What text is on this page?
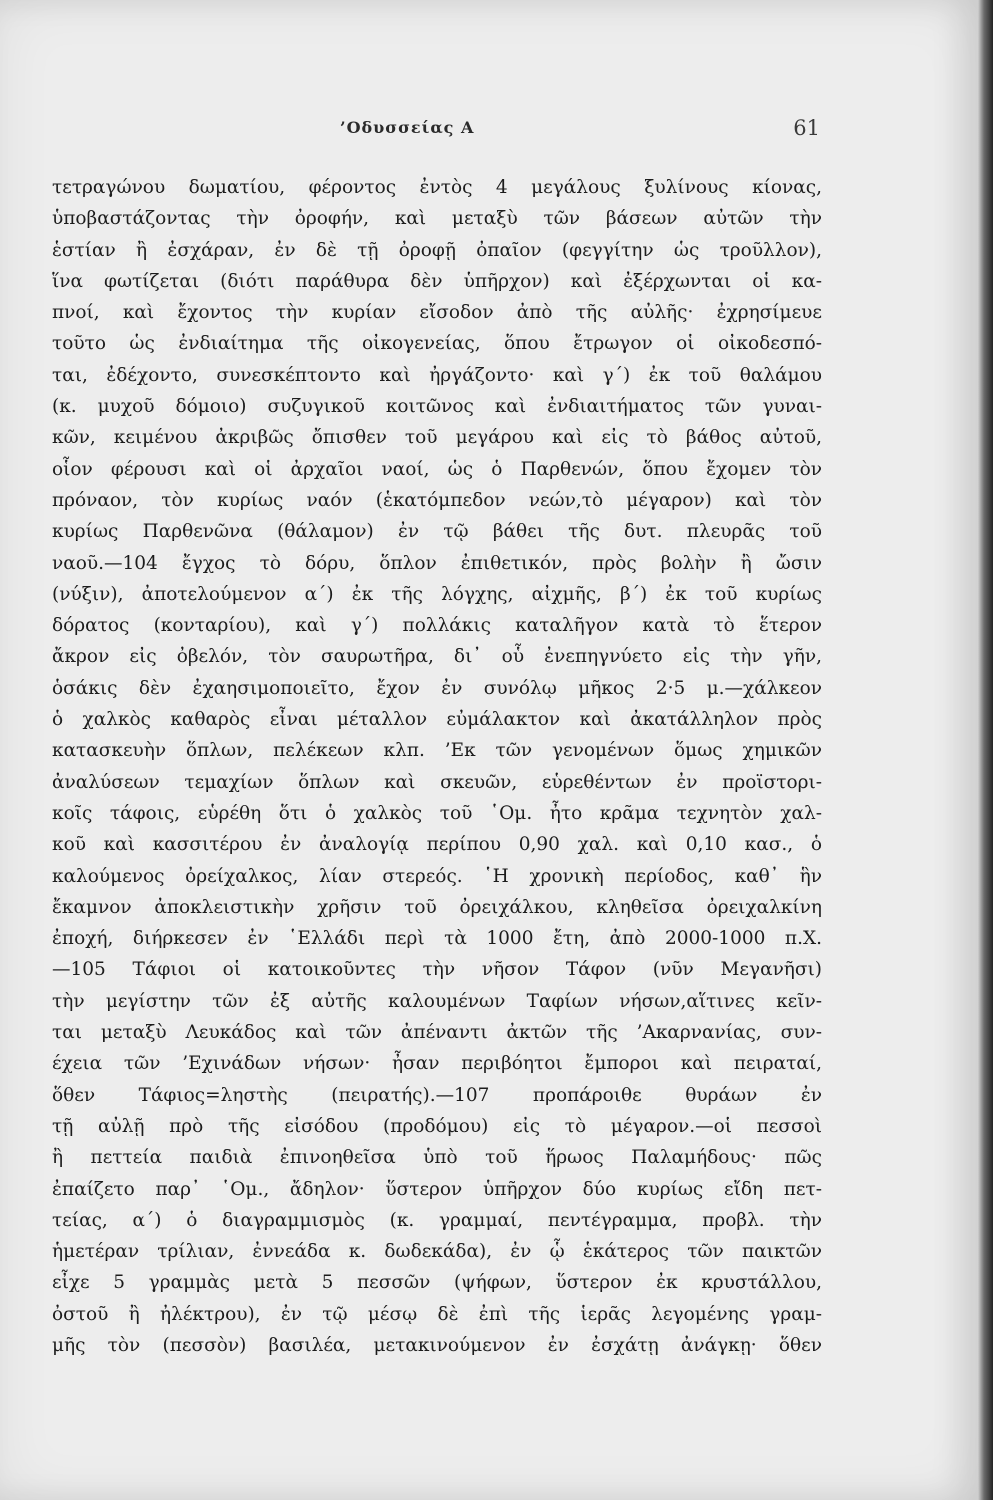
’Οδυσσείας Α	61
τετραγώνου δωματίου, φέροντος ἐντὸς 4 μεγάλους ξυλίνους κίονας,
ὑποβαστάζοντας τὴν ὀροφήν, καὶ μεταξὺ τῶν βάσεων αὐτῶν τὴν
ἑστίαν ἢ ἐσχάραν, ἐν δὲ τῇ ὀροφῇ ὀπαῖον (φεγγίτην ὡς τροῦλλον),
ἵνα φωτίζεται (διότι παράθυρα δὲν ὑπῆρχον) καὶ ἐξέρχωνται οἱ κα-
πνοί, καὶ ἔχοντος τὴν κυρίαν εἴσοδον ἀπὸ τῆς αὐλῆς· ἐχρησίμευε
τοῦτο ὡς ἐνδιαίτημα τῆς οἰκογενείας, ὅπου ἔτρωγον οἱ οἰκοδεσπό-
ται, ἐδέχοντο, συνεσκέπτοντο καὶ ἠργάζοντο· καὶ γ΄) ἐκ τοῦ θαλάμου
(κ. μυχοῦ δόμοιο) συζυγικοῦ κοιτῶνος καὶ ἐνδιαιτήματος τῶν γυναι-
κῶν, κειμένου ἀκριβῶς ὄπισθεν τοῦ μεγάρου καὶ εἰς τὸ βάθος αὐτοῦ,
οἷον φέρουσι καὶ οἱ ἀρχαῖοι ναοί, ὡς ὁ Παρθενών, ὅπου ἔχομεν τὸν
πρόναον, τὸν κυρίως ναόν (ἑκατόμπεδον νεών,τὸ μέγαρον) καὶ τὸν
κυρίως Παρθενῶνα (θάλαμον) ἐν τῷ βάθει τῆς δυτ. πλευρᾶς τοῦ
ναοῦ.—104 ἔγχος τὸ δόρυ, ὅπλον ἐπιθετικόν, πρὸς βολὴν ἢ ὤσιν
(νύξιν), ἀποτελούμενον α΄) ἐκ τῆς λόγχης, αἰχμῆς, β΄) ἐκ τοῦ κυρίως
δόρατος (κονταρίου), καὶ γ΄) πολλάκις καταλῆγον κατὰ τὸ ἕτερον
ἄκρον εἰς ὀβελόν, τὸν σαυρωτῆρα, δι᾿ οὗ ἐνεπηγνύετο εἰς τὴν γῆν,
ὁσάκις δὲν ἐχαησιμοποιεῖτο, ἔχον ἐν συνόλῳ μῆκος 2·5 μ.—χάλκεον
ὁ χαλκὸς καθαρὸς εἶναι μέταλλον εὐμάλακτον καὶ ἀκατάλληλον πρὸς
κατασκευὴν ὅπλων, πελέκεων κλπ. ’Εκ τῶν γενομένων ὅμως χημικῶν
ἀναλύσεων τεμαχίων ὅπλων καὶ σκευῶν, εὑρεθέντων ἐν προϊστορι-
κοῖς τάφοις, εὑρέθη ὅτι ὁ χαλκὸς τοῦ ῾Ομ. ἦτο κρᾶμα τεχνητὸν χαλ-
κοῦ καὶ κασσιτέρου ἐν ἀναλογίᾳ περίπου 0,90 χαλ. καὶ 0,10 κασ., ὁ
καλούμενος ὀρείχαλκος, λίαν στερεός. ῾Η χρονικὴ περίοδος, καθ᾿ ἣν
ἔκαμνον ἀποκλειστικὴν χρῆσιν τοῦ ὀρειχάλκου, κληθεῖσα ὀρειχαλκίνη
ἐποχή, διήρκεσεν ἐν ῾Ελλάδι περὶ τὰ 1000 ἔτη, ἀπὸ 2000-1000 π.Χ.
—105 Τάφιοι οἱ κατοικοῦντες τὴν νῆσον Τάφον (νῦν Μεγανῆσι)
τὴν μεγίστην τῶν ἐξ αὐτῆς καλουμένων Ταφίων νήσων,αἵτινες κεῖν-
ται μεταξὺ Λευκάδος καὶ τῶν ἀπέναντι ἀκτῶν τῆς ’Ακαρνανίας, συν-
έχεια τῶν ’Εχινάδων νήσων· ἦσαν περιβόητοι ἔμποροι καὶ πειραταί,
ὅθεν Τάφιος=ληστὴς (πειρατής).—107 προπάροιθε θυράων ἐν
τῇ αὐλῇ πρὸ τῆς εἰσόδου (προδόμου) εἰς τὸ μέγαρον.—οἱ πεσσοὶ
ἢ πεττεία παιδιὰ ἐπινοηθεῖσα ὑπὸ τοῦ ἥρωος Παλαμήδους· πῶς
ἐπαίζετο παρ᾿ ῾Ομ., ἄδηλον· ὕστερον ὑπῆρχον δύο κυρίως εἴδη πετ-
τείας, α΄) ὁ διαγραμμισμὸς (κ. γραμμαί, πεντέγραμμα, προβλ. τὴν
ἡμετέραν τρίλιαν, ἐννεάδα κ. δωδεκάδα), ἐν ᾧ ἑκάτερος τῶν παικτῶν
εἶχε 5 γραμμὰς μετὰ 5 πεσσῶν (ψήφων, ὕστερον ἐκ κρυστάλλου,
ὀστοῦ ἢ ἠλέκτρου), ἐν τῷ μέσῳ δὲ ἐπὶ τῆς ἱερᾶς λεγομένης γραμ-
μῆς τὸν (πεσσὸν) βασιλέα, μετακινούμενον ἐν ἐσχάτῃ ἀνάγκῃ· ὅθεν
